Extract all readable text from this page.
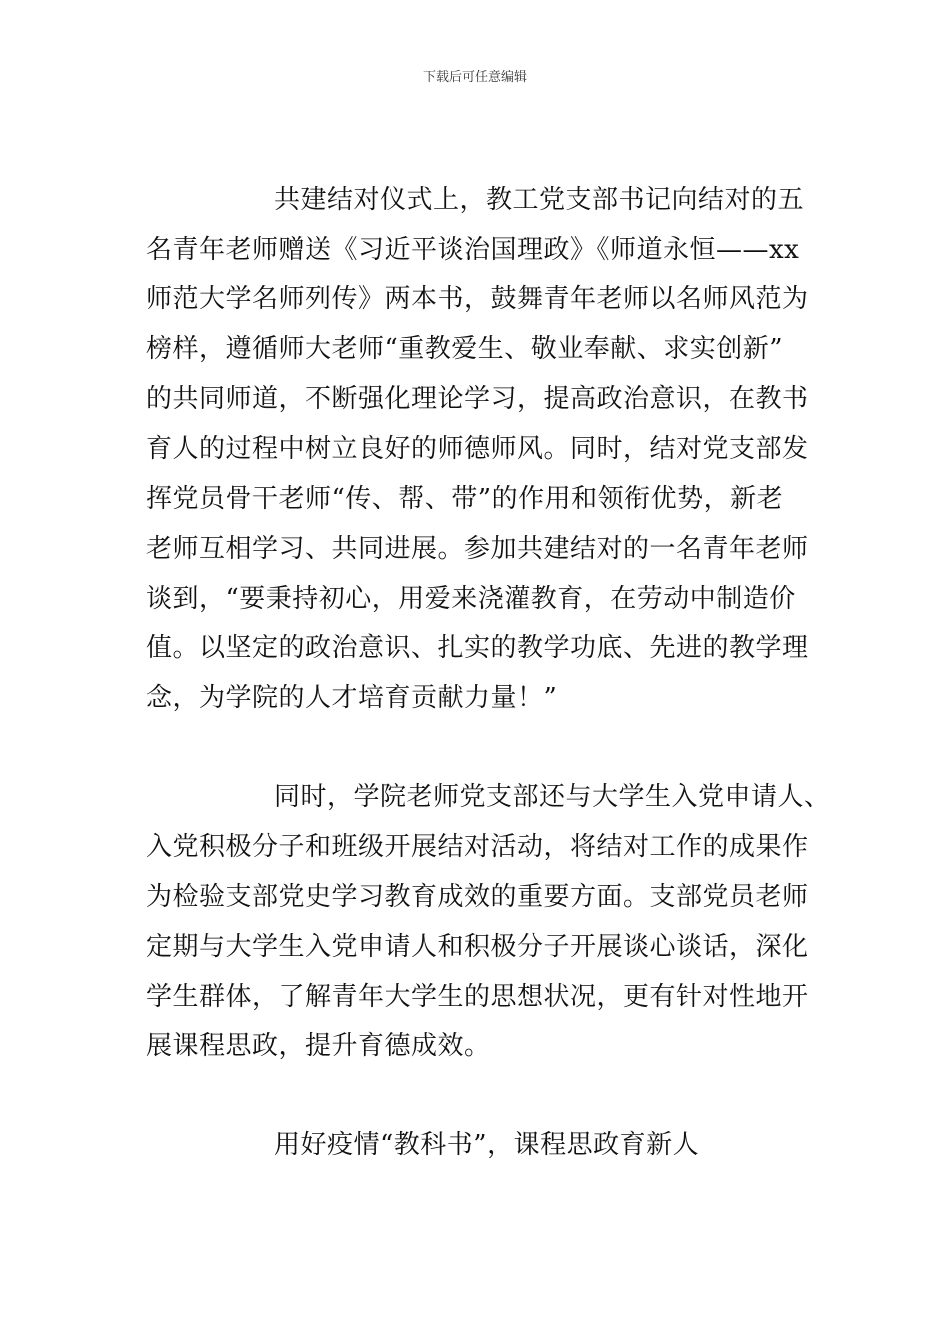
下载后可任意编辑
共建结对仪式上，教工党支部书记向结对的五
名青年老师赠送《习近平谈治国理政》《师道永恒——xx
师范大学名师列传》两本书，鼓舞青年老师以名师风范为
榜样，遵循师大老师“重教爱生、敬业奉献、求实创新”
的共同师道，不断强化理论学习，提高政治意识，在教书
育人的过程中树立良好的师德师风。同时，结对党支部发
挥党员骨干老师“传、帮、带”的作用和领衔优势，新老
老师互相学习、共同进展。参加共建结对的一名青年老师
谈到，“要秉持初心，用爱来浇灌教育，在劳动中制造价
值。以坚定的政治意识、扎实的教学功底、先进的教学理
念，为学院的人才培育贡献力量！”
同时，学院老师党支部还与大学生入党申请人、
入党积极分子和班级开展结对活动，将结对工作的成果作
为检验支部党史学习教育成效的重要方面。支部党员老师
定期与大学生入党申请人和积极分子开展谈心谈话，深化
学生群体，了解青年大学生的思想状况，更有针对性地开
展课程思政，提升育德成效。
用好疫情“教科书”，课程思政育新人
